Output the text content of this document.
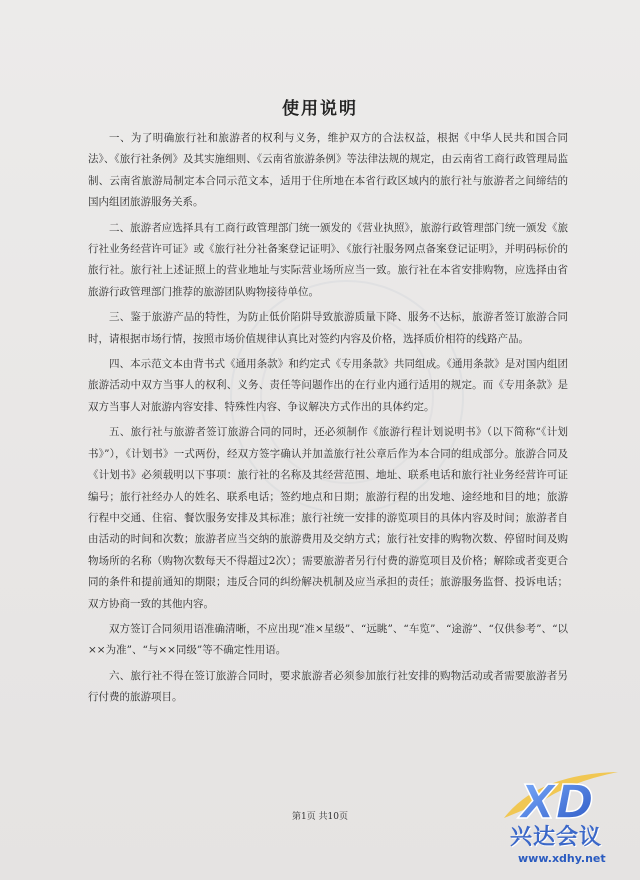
使用说明

一、为了明确旅行社和旅游者的权利与义务，维护双方的合法权益，根据《中华人民共和国合同法》、《旅行社条例》及其实施细则、《云南省旅游条例》等法律法规的规定，由云南省工商行政管理局监制、云南省旅游局制定本合同示范文本，适用于住所地在本省行政区域内的旅行社与旅游者之间缔结的国内组团旅游服务关系。

二、旅游者应选择具有工商行政管理部门统一颁发的《营业执照》，旅游行政管理部门统一颁发《旅行社业务经营许可证》或《旅行社分社备案登记证明》、《旅行社服务网点备案登记证明》，并明码标价的旅行社。旅行社上述证照上的营业地址与实际营业场所应当一致。旅行社在本省安排购物，应选择由省旅游行政管理部门推荐的旅游团队购物接待单位。

三、鉴于旅游产品的特性，为防止低价陷阱导致旅游质量下降、服务不达标，旅游者签订旅游合同时，请根据市场行情，按照市场价值规律认真比对签约内容及价格，选择质价相符的线路产品。

四、本示范文本由背书式《通用条款》和约定式《专用条款》共同组成。《通用条款》是对国内组团旅游活动中双方当事人的权利、义务、责任等问题作出的在行业内通行适用的规定。而《专用条款》是双方当事人对旅游内容安排、特殊性内容、争议解决方式作出的具体约定。

五、旅行社与旅游者签订旅游合同的同时，还必须制作《旅游行程计划说明书》（以下简称“《计划书》”），《计划书》一式两份，经双方签字确认并加盖旅行社公章后作为本合同的组成部分。旅游合同及《计划书》必须载明以下事项：旅行社的名称及其经营范围、地址、联系电话和旅行社业务经营许可证编号；旅行社经办人的姓名、联系电话；签约地点和日期；旅游行程的出发地、途经地和目的地；旅游行程中交通、住宿、餐饮服务安排及其标准；旅行社统一安排的游览项目的具体内容及时间；旅游者自由活动的时间和次数；旅游者应当交纳的旅游费用及交纳方式；旅行社安排的购物次数、停留时间及购物场所的名称（购物次数每天不得超过2次）；需要旅游者另行付费的游览项目及价格；解除或者变更合同的条件和提前通知的期限；违反合同的纠纷解决机制及应当承担的责任；旅游服务监督、投诉电话；双方协商一致的其他内容。

双方签订合同须用语准确清晰，不应出现“准×星级”、“远眺”、“车览”、“途游”、“仅供参考”、“以××为准”、“与××同级”等不确定性用语。

六、旅行社不得在签订旅游合同时，要求旅游者必须参加旅行社安排的购物活动或者需要旅游者另行付费的旅游项目。

第1页 共10页	XD
兴达会议
www.xdhy.net
